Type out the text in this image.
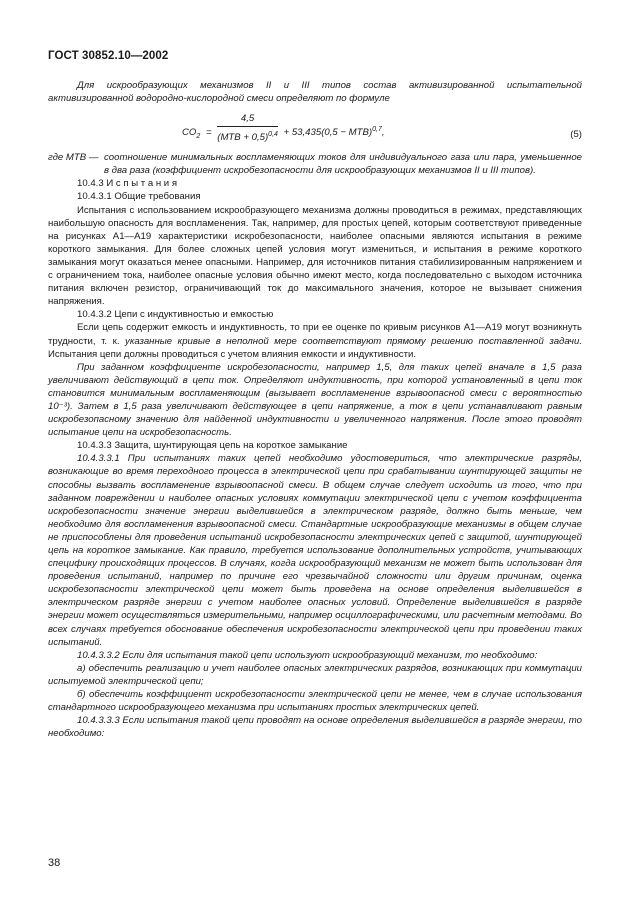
ГОСТ 30852.10—2002

Для искрообразующих механизмов II и III типов состав активизированной испытательной активизированной водородно-кислородной смеси определяют по формуле

$CO_2$ =
4,5
(MTB + 0,5)$^{0,4}$ + 53,435(0,5 − MTB)$^{0,7}$,	(5)
где МТВ — соотношение минимальных воспламеняющих токов для индивидуального газа или пара, уменьшенное в два раза (коэффициент искробезопасности для искрообразующих механизмов II и III типов).

10.4.3 И с п ы т а н и я

10.4.3.1 Общие требования

Испытания с использованием искрообразующего механизма должны проводиться в режимах, представляющих наибольшую опасность для воспламенения. Так, например, для простых цепей, которым соответствуют приведенные на рисунках А1—А19 характеристики искробезопасности, наиболее опасными являются испытания в режиме короткого замыкания. Для более сложных цепей условия могут измениться, и испытания в режиме короткого замыкания могут оказаться менее опасными. Например, для источников питания стабилизированным напряжением и с ограничением тока, наиболее опасные условия обычно имеют место, когда последовательно с выходом источника питания включен резистор, ограничивающий ток до максимального значения, которое не вызывает снижения напряжения.

10.4.3.2 Цепи с индуктивностью и емкостью

Если цепь содержит емкость и индуктивность, то при ее оценке по кривым рисунков А1—А19 могут возникнуть трудности, т. к. указанные кривые в неполной мере соответствуют прямому решению поставленной задачи. Испытания цепи должны проводиться с учетом влияния емкости и индуктивности.

При заданном коэффициенте искробезопасности, например 1,5, для таких цепей вначале в 1,5 раза увеличивают действующий в цепи ток. Определяют индуктивность, при которой установленный в цепи ток становится минимальным воспламеняющим (вызывает воспламенение взрывоопасной смеси с вероятностью 10⁻³). Затем в 1,5 раза увеличивают действующее в цепи напряжение, а ток в цепи устанавливают равным искробезопасному значению для найденной индуктивности и увеличенного напряжения. После этого проводят испытание цепи на искробезопасность.

10.4.3.3 Защита, шунтирующая цепь на короткое замыкание

10.4.3.3.1 При испытаниях таких цепей необходимо удостовериться, что электрические разряды, возникающие во время переходного процесса в электрической цепи при срабатывании шунтирующей защиты не способны вызвать воспламенение взрывоопасной смеси. В общем случае следует исходить из того, что при заданном повреждении и наиболее опасных условиях коммутации электрической цепи с учетом коэффициента искробезопасности значение энергии выделившейся в электрическом разряде, должно быть меньше, чем необходимо для воспламенения взрывоопасной смеси. Стандартные искрообразующие механизмы в общем случае не приспособлены для проведения испытаний искробезопасности электрических цепей с защитой, шунтирующей цепь на короткое замыкание. Как правило, требуется использование дополнительных устройств, учитывающих специфику происходящих процессов. В случаях, когда искрообразующий механизм не может быть использован для проведения испытаний, например по причине его чрезвычайной сложности или другим причинам, оценка искробезопасности электрической цепи может быть проведена на основе определения выделившейся в электрическом разряде энергии с учетом наиболее опасных условий. Определение выделившейся в разряде энергии может осуществляться измерительными, например осциллографическими, или расчетным методами. Во всех случаях требуется обоснование обеспечения искробезопасности электрической цепи при проведении таких испытаний.

10.4.3.3.2 Если для испытания такой цепи используют искрообразующий механизм, то необходимо:

а) обеспечить реализацию и учет наиболее опасных электрических разрядов, возникающих при коммутации испытуемой электрической цепи;

б) обеспечить коэффициент искробезопасности электрической цепи не менее, чем в случае использования стандартного искрообразующего механизма при испытаниях простых электрических цепей.

10.4.3.3.3 Если испытания такой цепи проводят на основе определения выделившейся в разряде энергии, то необходимо:

38
